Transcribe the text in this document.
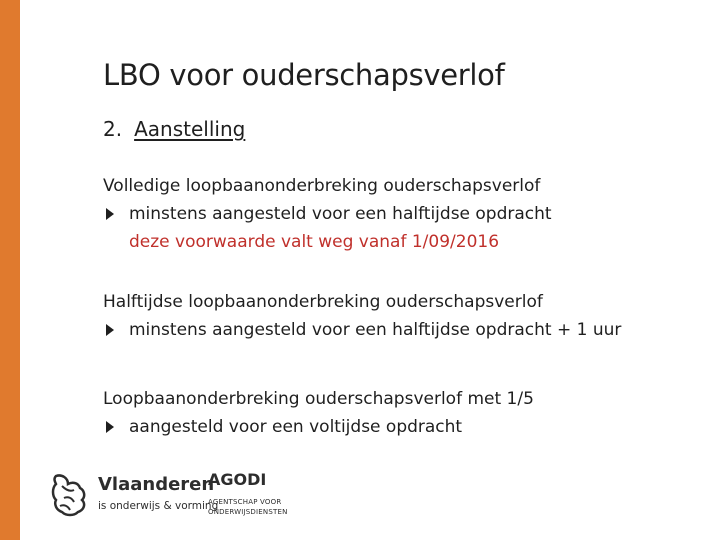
LBO voor ouderschapsverlof
2. Aanstelling
Volledige loopbaanonderbreking ouderschapsverlof
minstens aangesteld voor een halftijdse opdracht
deze voorwaarde valt weg vanaf 1/09/2016
Halftijdse loopbaanonderbreking ouderschapsverlof
minstens aangesteld voor een halftijdse opdracht + 1 uur
Loopbaanonderbreking ouderschapsverlof met 1/5
aangesteld voor een voltijdse opdracht
Vlaanderen
is onderwijs & vorming
AGODI
AGENTSCHAP VOOR
ONDERWIJSDIENSTEN
